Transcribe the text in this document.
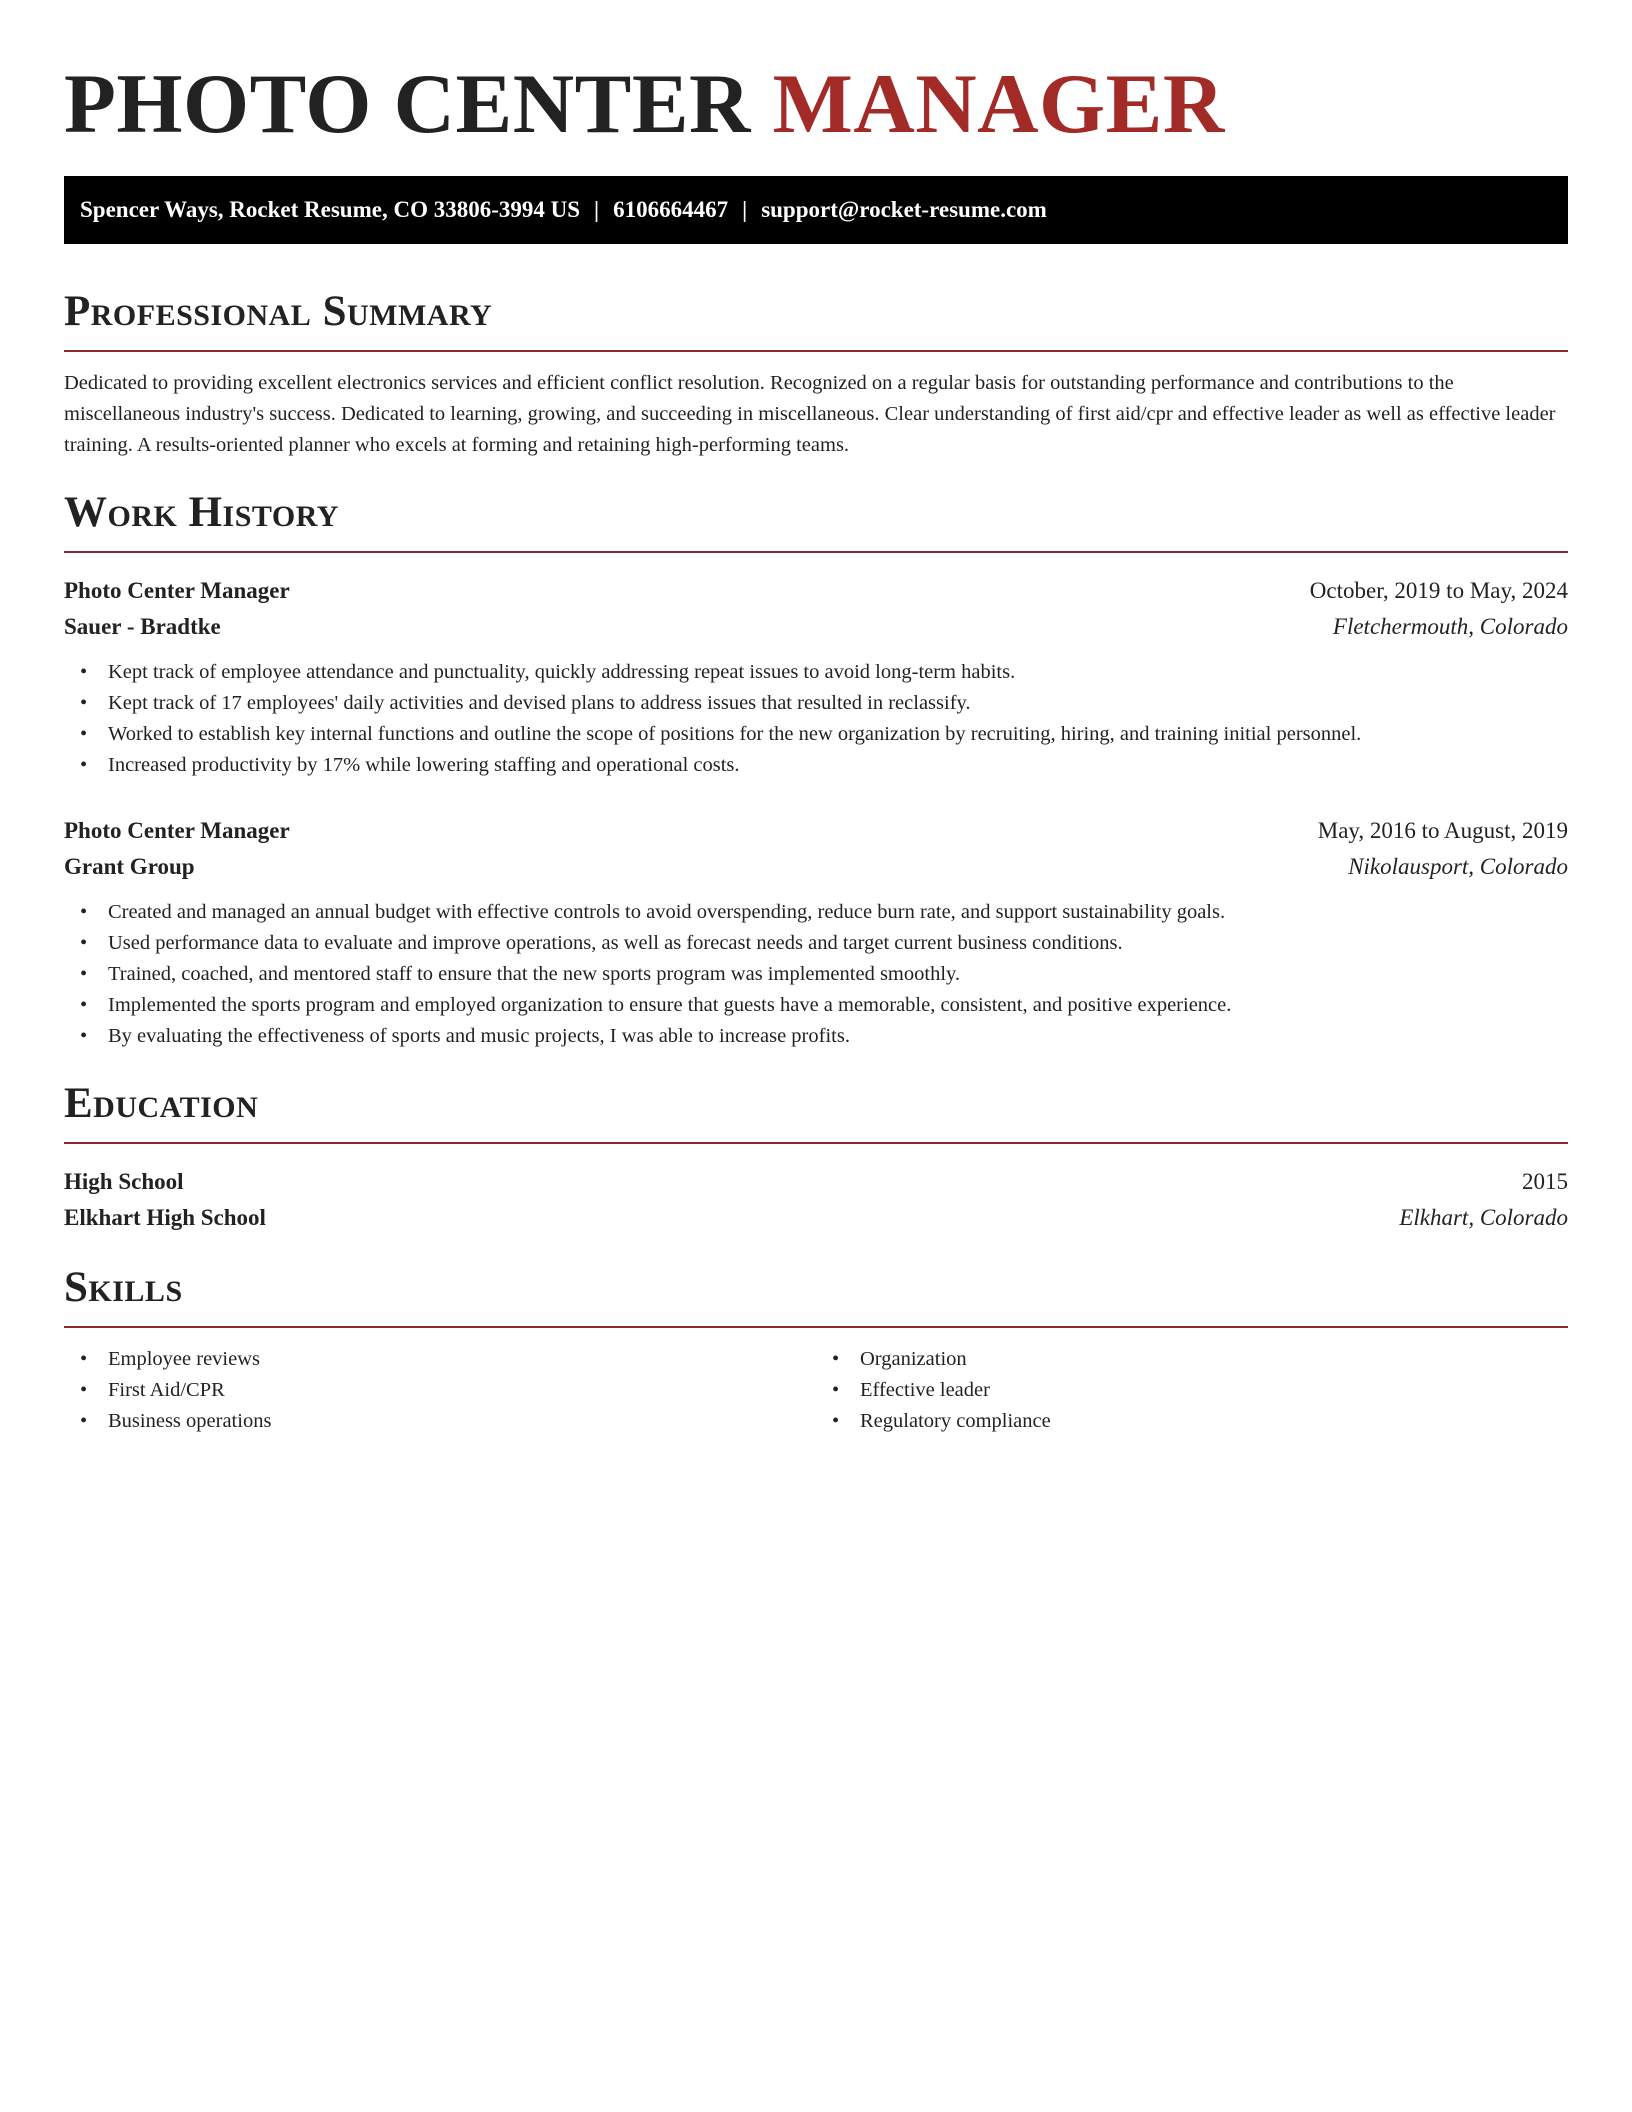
PHOTO CENTER MANAGER
Spencer Ways, Rocket Resume, CO 33806-3994 US | 6106664467 | support@rocket-resume.com
Professional Summary

Dedicated to providing excellent electronics services and efficient conflict resolution. Recognized on a regular basis for outstanding performance and contributions to the miscellaneous industry's success. Dedicated to learning, growing, and succeeding in miscellaneous. Clear understanding of first aid/cpr and effective leader as well as effective leader training. A results-oriented planner who excels at forming and retaining high-performing teams.

Work History
Photo Center Manager	October, 2019 to May, 2024
Sauer - Bradtke	Fletchermouth, Colorado
• Kept track of employee attendance and punctuality, quickly addressing repeat issues to avoid long-term habits.
• Kept track of 17 employees' daily activities and devised plans to address issues that resulted in reclassify.
• Worked to establish key internal functions and outline the scope of positions for the new organization by recruiting, hiring, and training initial personnel.
• Increased productivity by 17% while lowering staffing and operational costs.
Photo Center Manager	May, 2016 to August, 2019
Grant Group	Nikolausport, Colorado
• Created and managed an annual budget with effective controls to avoid overspending, reduce burn rate, and support sustainability goals.
• Used performance data to evaluate and improve operations, as well as forecast needs and target current business conditions.
• Trained, coached, and mentored staff to ensure that the new sports program was implemented smoothly.
• Implemented the sports program and employed organization to ensure that guests have a memorable, consistent, and positive experience.
• By evaluating the effectiveness of sports and music projects, I was able to increase profits.
Education
High School	2015
Elkhart High School	Elkhart, Colorado
Skills
• Employee reviews
• First Aid/CPR
• Business operations
• Organization
• Effective leader
• Regulatory compliance
